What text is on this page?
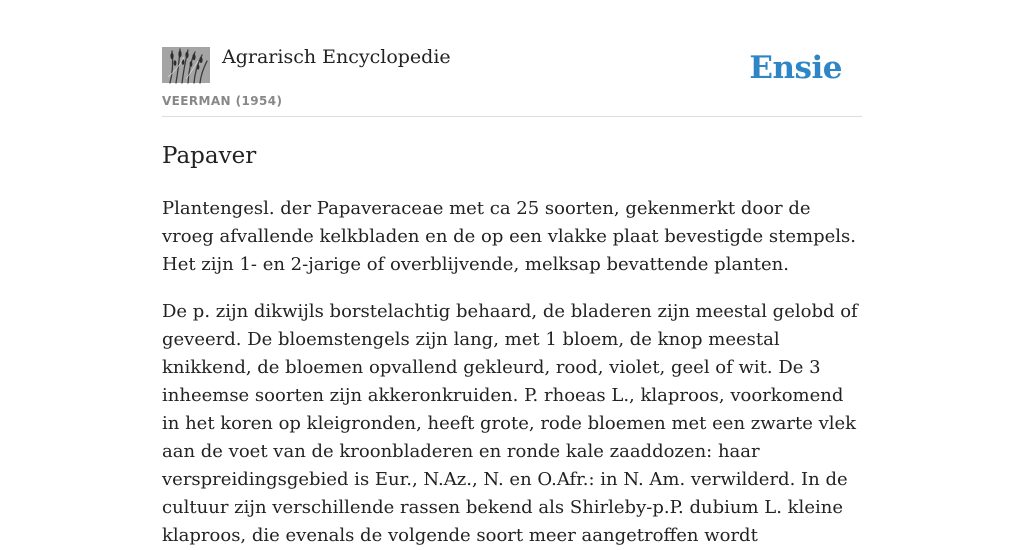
Agrarisch Encyclopedie	Ensie
VEERMAN (1954)
Papaver

Plantengesl. der Papaveraceae met ca 25 soorten, gekenmerkt door de vroeg afvallende kelkbladen en de op een vlakke plaat bevestigde stempels. Het zijn 1- en 2-jarige of overblijvende, melksap bevattende planten.

De p. zijn dikwijls borstelachtig behaard, de bladeren zijn meestal gelobd of geveerd. De bloemstengels zijn lang, met 1 bloem, de knop meestal knikkend, de bloemen opvallend gekleurd, rood, violet, geel of wit. De 3 inheemse soorten zijn akkeronkruiden. P. rhoeas L., klaproos, voorkomend in het koren op kleigronden, heeft grote, rode bloemen met een zwarte vlek aan de voet van de kroonbladeren en ronde kale zaaddozen: haar verspreidingsgebied is Eur., N.Az., N. en O.Afr.: in N. Am. verwilderd. In de cultuur zijn verschillende rassen bekend als Shirleby-p.P. dubium L. kleine klaproos, die evenals de volgende soort meer aangetroffen wordt
